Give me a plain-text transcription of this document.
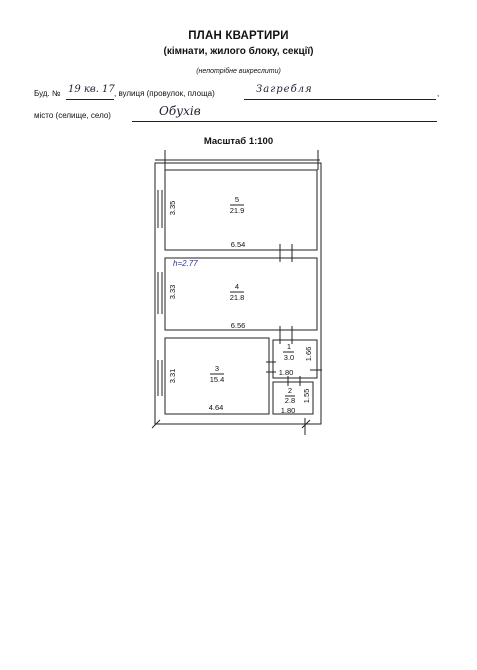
ПЛАН КВАРТИРИ
(кімнати, жилого блоку, секції)
(непотрібне викреслити)
Буд. № 19 кв. 17 , вулиця (провулок, площа)	Загребля	,
місто (селище, село)	Обухів
Масштаб 1:100
5
21.9
4
21.8
3
15.4
1
3.0
2
2.8
6.54
6.56
4.64
1.80
1.80
3.35
3.33
3.31
1.66
1.55
h=2.77
